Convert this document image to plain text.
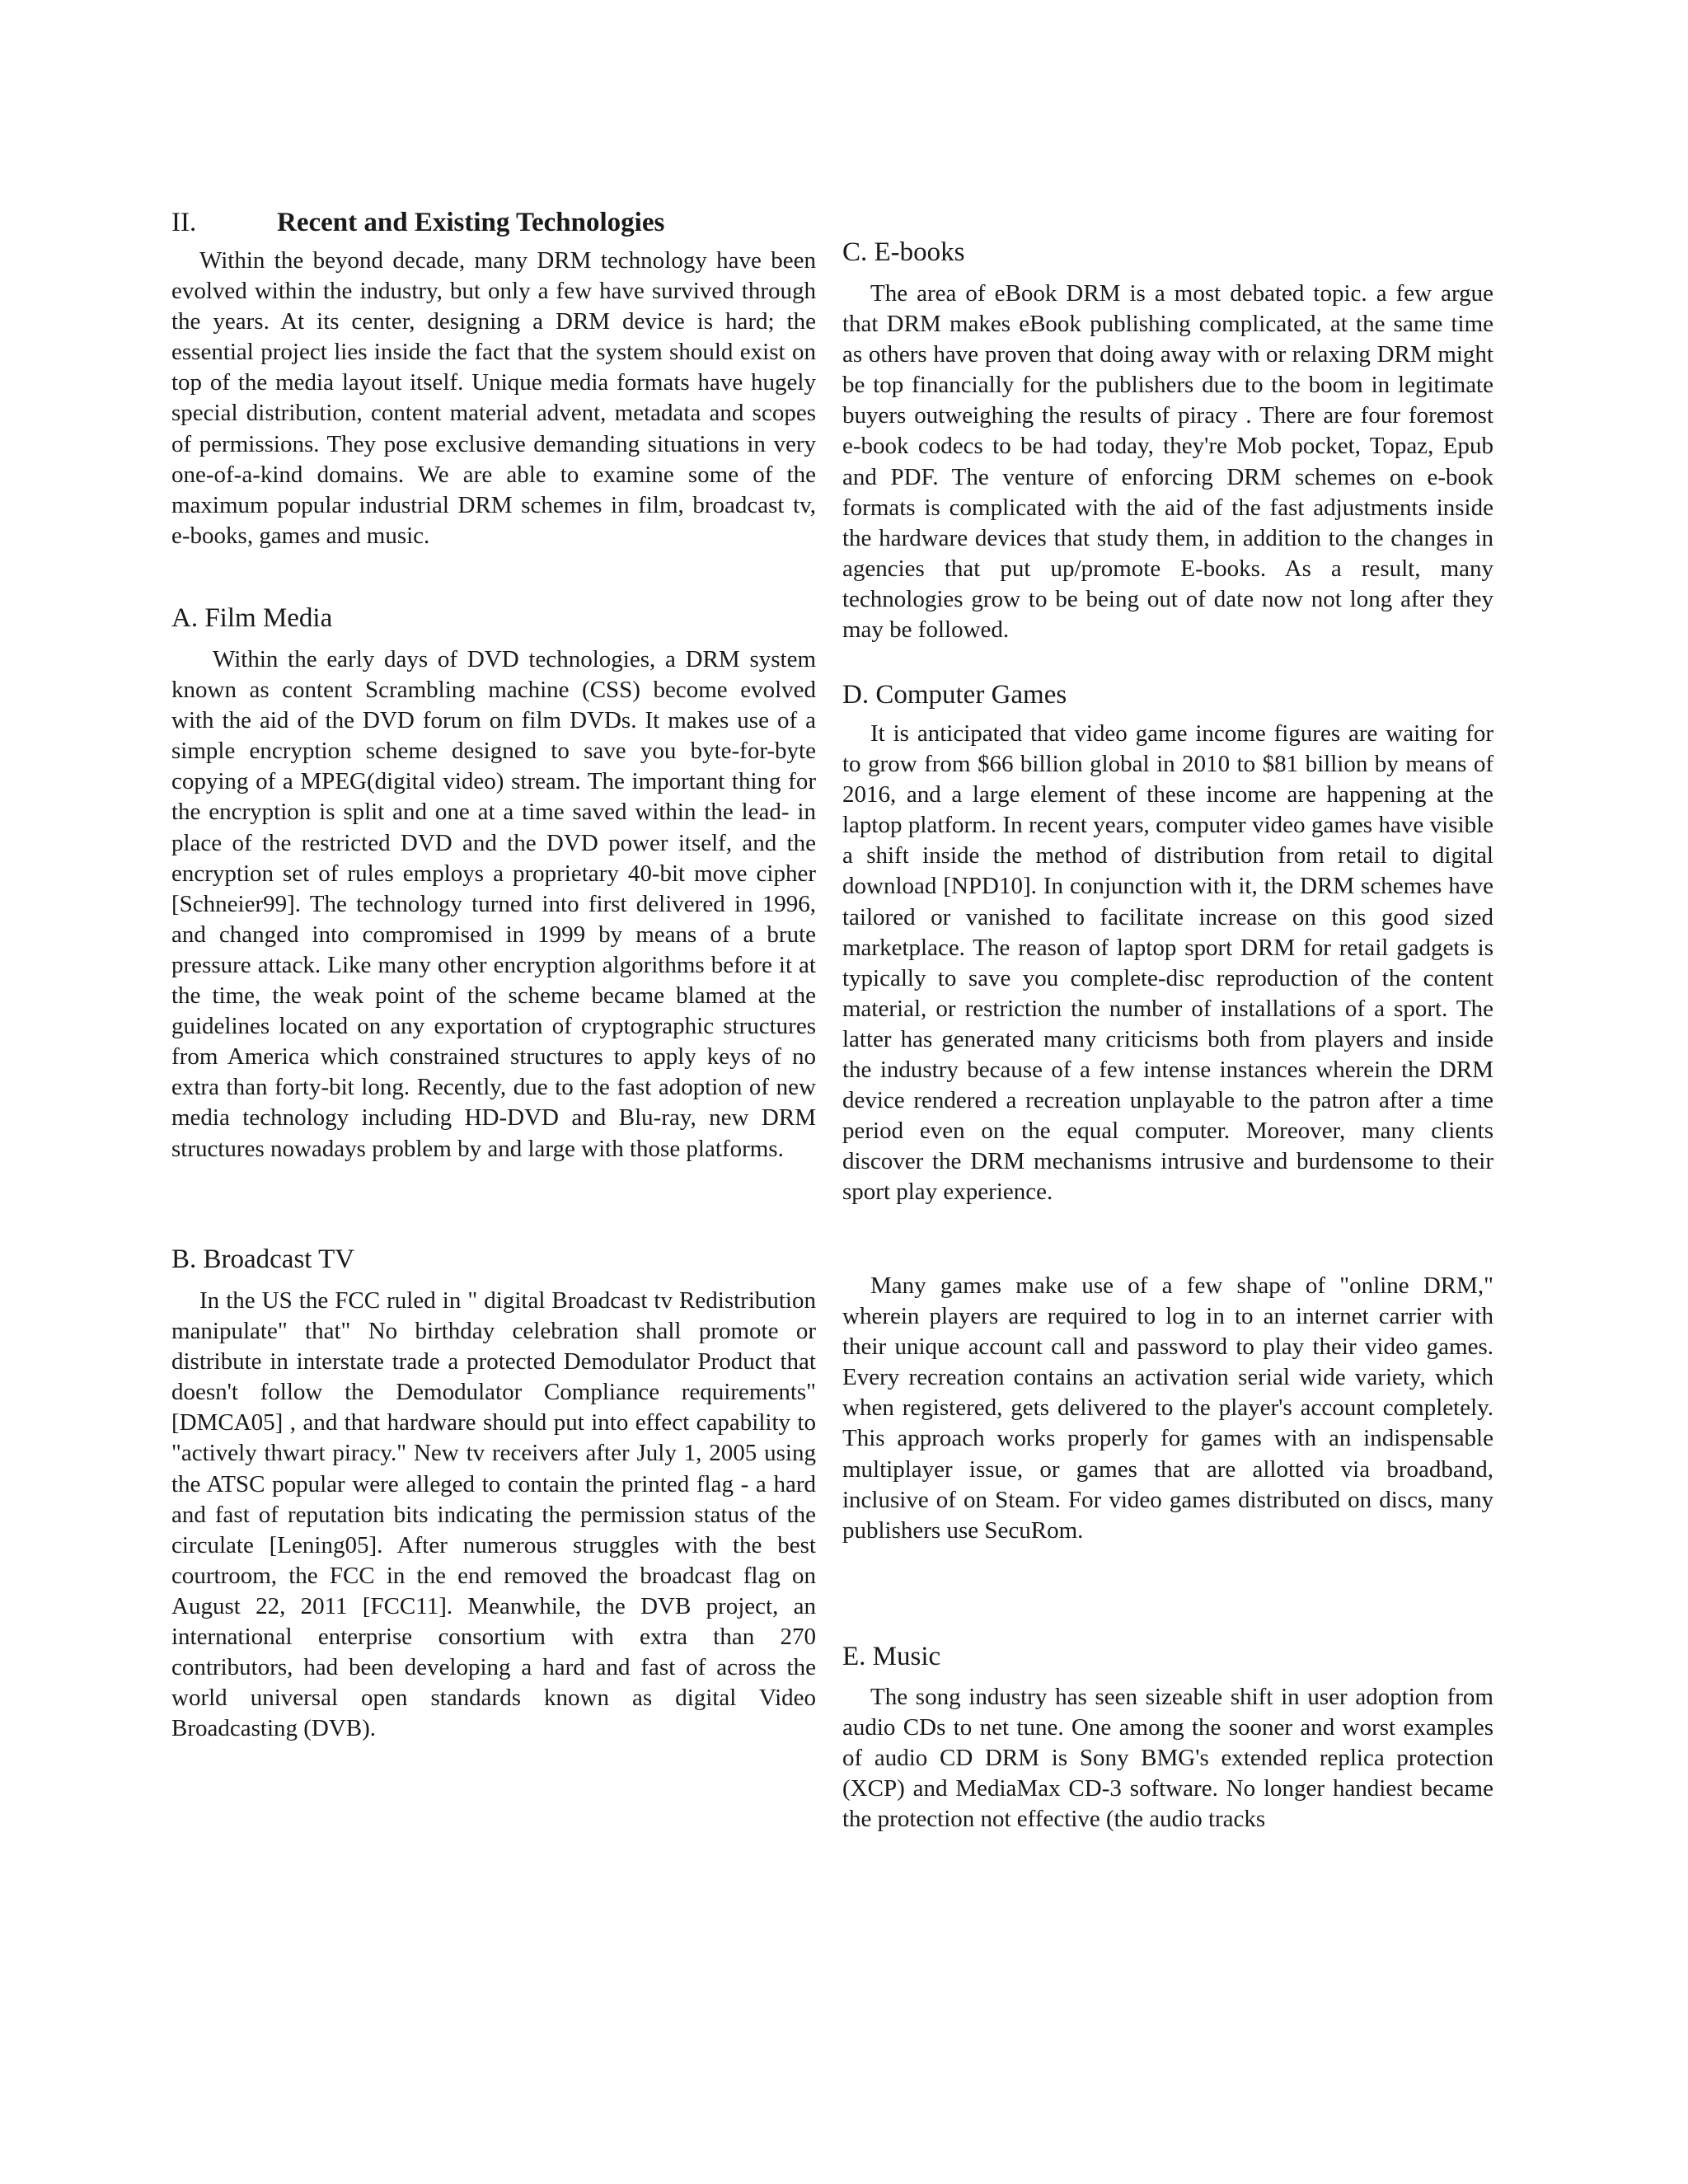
II.	Recent and Existing Technologies

Within the beyond decade, many DRM technology have been evolved within the industry, but only a few have survived through the years. At its center, designing a DRM device is hard; the essential project lies inside the fact that the system should exist on top of the media layout itself. Unique media formats have hugely special distribution, content material advent, metadata and scopes of permissions. They pose exclusive demanding situations in very one-of-a-kind domains. We are able to examine some of the maximum popular industrial DRM schemes in film, broadcast tv, e-books, games and music.

A. Film Media

Within the early days of DVD technologies, a DRM system known as content Scrambling machine (CSS) become evolved with the aid of the DVD forum on film DVDs. It makes use of a simple encryption scheme designed to save you byte-for-byte copying of a MPEG(digital video) stream. The important thing for the encryption is split and one at a time saved within the lead- in place of the restricted DVD and the DVD power itself, and the encryption set of rules employs a proprietary 40-bit move cipher [Schneier99]. The technology turned into first delivered in 1996, and changed into compromised in 1999 by means of a brute pressure attack. Like many other encryption algorithms before it at the time, the weak point of the scheme became blamed at the guidelines located on any exportation of cryptographic structures from America which constrained structures to apply keys of no extra than forty-bit long. Recently, due to the fast adoption of new media technology including HD-DVD and Blu-ray, new DRM structures nowadays problem by and large with those platforms.

B. Broadcast TV

In the US the FCC ruled in " digital Broadcast tv Redistribution manipulate" that" No birthday celebration shall promote or distribute in interstate trade a protected Demodulator Product that doesn't follow the Demodulator Compliance requirements" [DMCA05] , and that hardware should put into effect capability to "actively thwart piracy." New tv receivers after July 1, 2005 using the ATSC popular were alleged to contain the printed flag - a hard and fast of reputation bits indicating the permission status of the circulate [Lening05]. After numerous struggles with the best courtroom, the FCC in the end removed the broadcast flag on August 22, 2011 [FCC11]. Meanwhile, the DVB project, an international enterprise consortium with extra than 270 contributors, had been developing a hard and fast of across the world universal open standards known as digital Video Broadcasting (DVB).

C. E-books

The area of eBook DRM is a most debated topic. a few argue that DRM makes eBook publishing complicated, at the same time as others have proven that doing away with or relaxing DRM might be top financially for the publishers due to the boom in legitimate buyers outweighing the results of piracy . There are four foremost e-book codecs to be had today, they're Mob pocket, Topaz, Epub and PDF. The venture of enforcing DRM schemes on e-book formats is complicated with the aid of the fast adjustments inside the hardware devices that study them, in addition to the changes in agencies that put up/promote E-books. As a result, many technologies grow to be being out of date now not long after they may be followed.

D. Computer Games

It is anticipated that video game income figures are waiting for to grow from $66 billion global in 2010 to $81 billion by means of 2016, and a large element of these income are happening at the laptop platform. In recent years, computer video games have visible a shift inside the method of distribution from retail to digital download [NPD10]. In conjunction with it, the DRM schemes have tailored or vanished to facilitate increase on this good sized marketplace. The reason of laptop sport DRM for retail gadgets is typically to save you complete-disc reproduction of the content material, or restriction the number of installations of a sport. The latter has generated many criticisms both from players and inside the industry because of a few intense instances wherein the DRM device rendered a recreation unplayable to the patron after a time period even on the equal computer. Moreover, many clients discover the DRM mechanisms intrusive and burdensome to their sport play experience.

Many games make use of a few shape of "online DRM," wherein players are required to log in to an internet carrier with their unique account call and password to play their video games. Every recreation contains an activation serial wide variety, which when registered, gets delivered to the player's account completely. This approach works properly for games with an indispensable multiplayer issue, or games that are allotted via broadband, inclusive of on Steam. For video games distributed on discs, many publishers use SecuRom.

E. Music

The song industry has seen sizeable shift in user adoption from audio CDs to net tune. One among the sooner and worst examples of audio CD DRM is Sony BMG's extended replica protection (XCP) and MediaMax CD-3 software. No longer handiest became the protection not effective (the audio tracks
